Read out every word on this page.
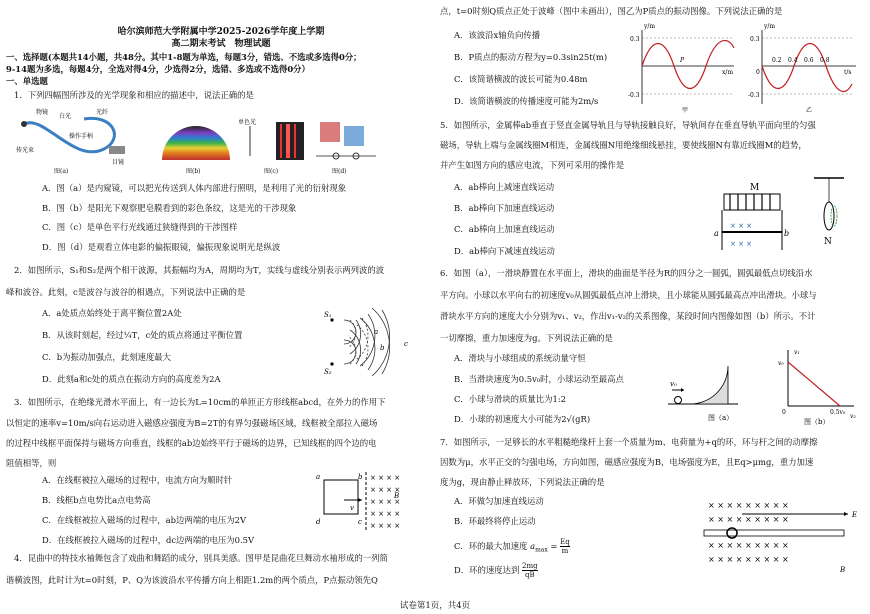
哈尔滨师范大学附属中学2025-2026学年度上学期
高二期末考试　物理试题
一、选择题(本题共14小题，共48分。其中1-8题为单选，每题3分，错选、不选或多选得0分；
9-14题为多选，每题4分，全选对得4分，少选得2分，选错、多选或不选得0分）
一、单选题
1．下列四幅图所涉及的光学现象和相应的描述中，说法正确的是
物镜
白光
光纤
传光束
操作手柄
目镜
图(a)	图(b)
单色光
图(c)	图(d)
A．图（a）是内窥镜，可以把光传送到人体内部进行照明，是利用了光的衍射现象
B．图（b）是阳光下观察肥皂膜看到的彩色条纹，这是光的干涉现象
C．图（c）是单色平行光线通过狭缝得到的干涉图样
D．图（d）是观看立体电影的偏振眼镜，偏振现象说明光是纵波
2．如图所示，S₁和S₂是两个相干波源，其振幅均为A，周期均为T，实线与虚线分别表示两列波的波
峰和波谷。此刻，c是波谷与波谷的相遇点，下列说法中正确的是
A．a处质点始终处于离平衡位置2A处
B．从该时刻起，经过¼T，c处的质点将通过平衡位置
C．b为振动加强点，此刻速度最大
D．此刻a和c处的质点在振动方向的高度差为2A
S₁
S₂
a
b	c
3．如图所示，在绝缘光滑水平面上，有一边长为L=10cm的单匝正方形线框abcd，在外力的作用下
以恒定的速率v=10m/s向右运动进入磁感应强度为B=2T的有界匀强磁场区域，线框被全部拉入磁场
的过程中线框平面保持与磁场方向垂直，线框的ab边始终平行于磁场的边界，已知线框的四个边的电
阻值相等，则
A．在线框被拉入磁场的过程中，电流方向为顺时针
B．线框b点电势比a点电势高
C．在线框被拉入磁场的过程中，ab边两端的电压为2V
D．在线框被拉入磁场的过程中，dc边两端的电压为0.5V
× × × ×
× × × ×
× × × ×
× × × ×
× × × ×
a	b
d	c
v
B
4．昆曲中的特技水袖舞包含了戏曲和舞蹈的成分，别具美感。图甲是昆曲花旦舞动水袖形成的一列简
谐横波图，此时计为t=0时刻，P、Q为该波沿水平传播方向上相距1.2m的两个质点，P点振动领先Q
点，t=0时刻Q质点正处于波峰（图中未画出），图乙为P质点的振动图像。下列说法正确的是
A．该波沿x轴负向传播
B．P质点的振动方程为y=0.3sin25t(m)
C．该简谐横波的波长可能为0.48m
D．该简谐横波的传播速度可能为2m/s
0.3
-0.3
y/m
x/m
P
甲
0.3
-0.3
y/m
0
0.2 0.4 0.6 0.8
t/s
乙
5．如图所示，金属棒ab垂直于竖直金属导轨且与导轨接触良好，导轨间存在垂直导轨平面向里的匀强
磁场，导轨上端与金属线圈M相连，金属线圈N用绝缘细线悬挂，要使线圈N有靠近线圈M的趋势，
并产生如图方向的感应电流，下列可采用的操作是
A．ab棒向上减速直线运动
B．ab棒向下加速直线运动
C．ab棒向上加速直线运动
D．ab棒向下减速直线运动
× × ×
× × ×
M
N
a	b
6．如图（a），一滑块静置在水平面上，滑块的曲面是半径为R的四分之一圆弧，圆弧最低点切线沿水
平方向。小球以水平向右的初速度v₀从圆弧最低点冲上滑块，且小球能从圆弧最高点冲出滑块。小球与
滑块水平方向的速度大小分别为v₁、v₂，作出v₁-v₂的关系图像，某段时间内图像如图（b）所示。不计
一切摩擦，重力加速度为g。下列说法正确的是
A．滑块与小球组成的系统动量守恒
B．当滑块速度为0.5v₀时，小球运动至最高点
C．小球与滑块的质量比为1:2
D．小球的初速度大小可能为2√(gR)
v₀
图（a）
v₁
v₀
0	0.5v₀
v₂
图（b）
7．如图所示，一足够长的水平粗糙绝缘杆上套一个质量为m、电荷量为+q的环，环与杆之间的动摩擦
因数为μ，水平正交的匀强电场，方向如图，磁感应强度为B，电场强度为E，且Eq>μmg，重力加速
度为g，现由静止释放环，下列说法正确的是
A．环做匀加速直线运动
B．环最终将停止运动
C．环的最大加速度 $a_{max} = \frac{Eq}{m}$
D．环的速度达到 $\frac{2mg}{qB}$
× × × × × × × × ×
× × × × × × × × ×
× × × × × × × × ×
× × × × × × × × ×
E
B
试卷第1页，共4页
